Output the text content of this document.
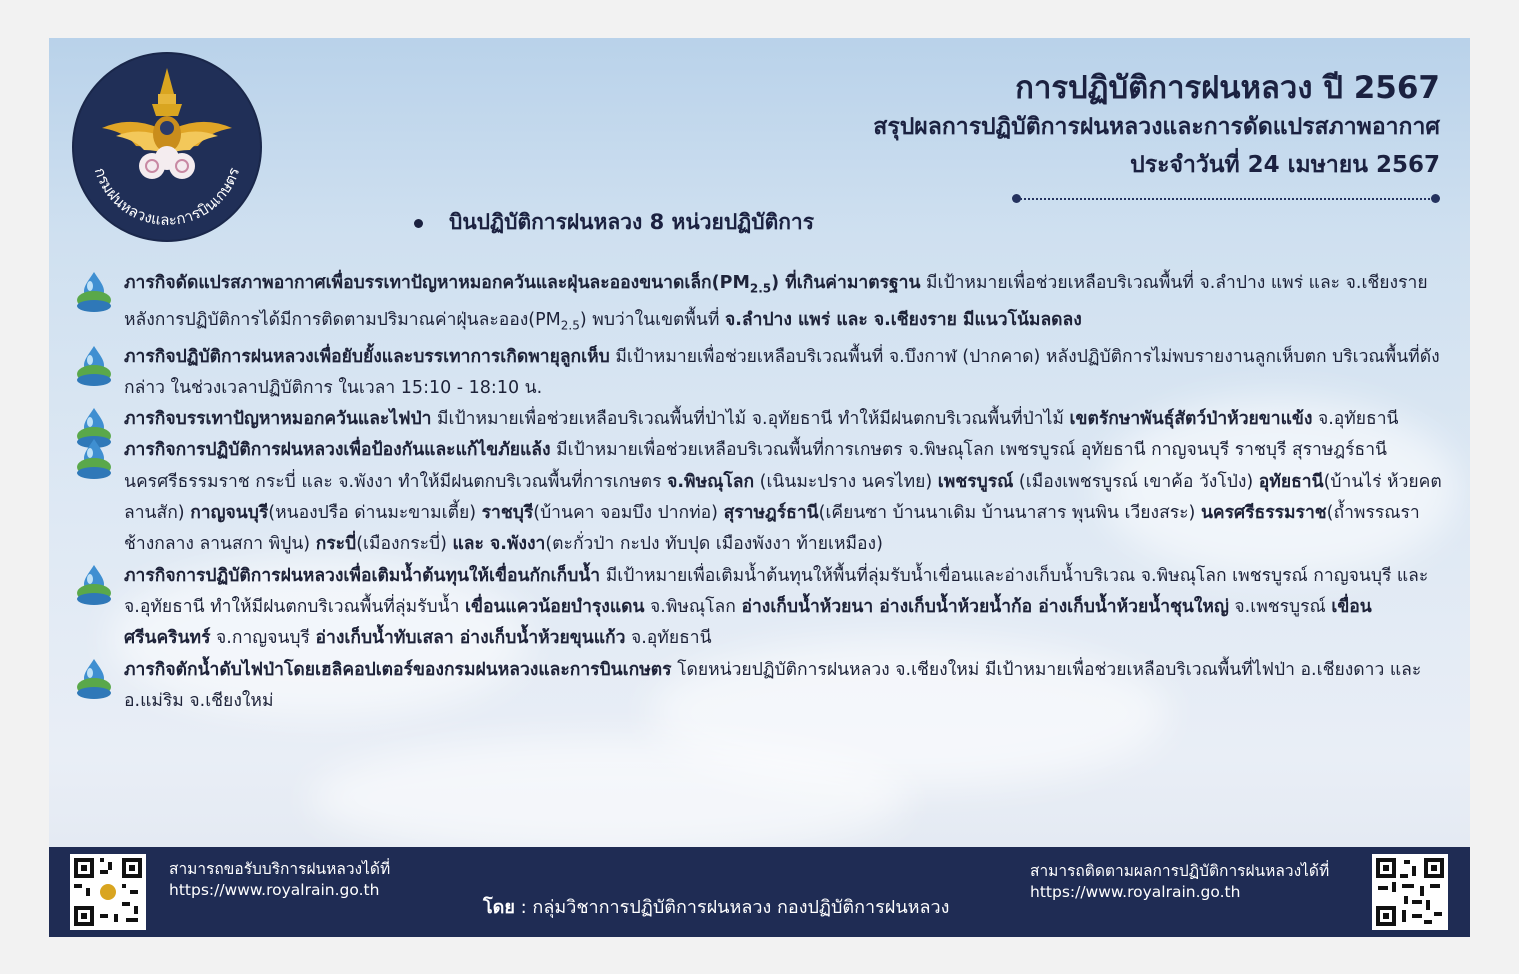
กรมฝนหลวงและการบินเกษตร
การปฏิบัติการฝนหลวง ปี 2567
สรุปผลการปฏิบัติการฝนหลวงและการดัดแปรสภาพอากาศ
ประจำวันที่ 24 เมษายน 2567
บินปฏิบัติการฝนหลวง 8 หน่วยปฏิบัติการ
ภารกิจดัดแปรสภาพอากาศเพื่อบรรเทาปัญหาหมอกควันและฝุ่นละอองขนาดเล็ก$(PM_{2.5})$ ที่เกินค่ามาตรฐาน มีเป้าหมายเพื่อช่วยเหลือบริเวณพื้นที่ จ.ลำปาง แพร่ และ จ.เชียงราย หลังการปฏิบัติการได้มีการติดตามปริมาณค่าฝุ่นละออง$(PM_{2.5})$ พบว่าในเขตพื้นที่ จ.ลำปาง แพร่ และ จ.เชียงราย มีแนวโน้มลดลง
ภารกิจปฏิบัติการฝนหลวงเพื่อยับยั้งและบรรเทาการเกิดพายุลูกเห็บ มีเป้าหมายเพื่อช่วยเหลือบริเวณพื้นที่ จ.บึงกาฬ (ปากคาด) หลังปฏิบัติการไม่พบรายงานลูกเห็บตก บริเวณพื้นที่ดังกล่าว ในช่วงเวลาปฏิบัติการ ในเวลา 15:10 - 18:10 น.
ภารกิจบรรเทาปัญหาหมอกควันและไฟป่า มีเป้าหมายเพื่อช่วยเหลือบริเวณพื้นที่ป่าไม้ จ.อุทัยธานี ทำให้มีฝนตกบริเวณพื้นที่ป่าไม้ เขตรักษาพันธุ์สัตว์ป่าห้วยขาแข้ง จ.อุทัยธานี
ภารกิจการปฏิบัติการฝนหลวงเพื่อป้องกันและแก้ไขภัยแล้ง มีเป้าหมายเพื่อช่วยเหลือบริเวณพื้นที่การเกษตร จ.พิษณุโลก เพชรบูรณ์ อุทัยธานี กาญจนบุรี ราชบุรี สุราษฎร์ธานี นครศรีธรรมราช กระบี่ และ จ.พังงา ทำให้มีฝนตกบริเวณพื้นที่การเกษตร จ.พิษณุโลก (เนินมะปราง นครไทย) เพชรบูรณ์ (เมืองเพชรบูรณ์ เขาค้อ วังโป่ง) อุทัยธานี(บ้านไร่ ห้วยคต ลานสัก) กาญจนบุรี(หนองปรือ ด่านมะขามเตี้ย) ราชบุรี(บ้านคา จอมบึง ปากท่อ) สุราษฎร์ธานี(เคียนซา บ้านนาเดิม บ้านนาสาร พุนพิน เวียงสระ) นครศรีธรรมราช(ถ้ำพรรณรา ช้างกลาง ลานสกา พิปูน) กระบี่(เมืองกระบี่) และ จ.พังงา(ตะกั่วป่า กะปง ทับปุด เมืองพังงา ท้ายเหมือง)
ภารกิจการปฏิบัติการฝนหลวงเพื่อเติมน้ำต้นทุนให้เขื่อนกักเก็บน้ำ มีเป้าหมายเพื่อเติมน้ำต้นทุนให้พื้นที่ลุ่มรับน้ำเขื่อนและอ่างเก็บน้ำบริเวณ จ.พิษณุโลก เพชรบูรณ์ กาญจนบุรี และ จ.อุทัยธานี ทำให้มีฝนตกบริเวณพื้นที่ลุ่มรับน้ำ เขื่อนแควน้อยบำรุงแดน จ.พิษณุโลก อ่างเก็บน้ำห้วยนา อ่างเก็บน้ำห้วยน้ำก้อ อ่างเก็บน้ำห้วยน้ำชุนใหญ่ จ.เพชรบูรณ์ เขื่อนศรีนครินทร์ จ.กาญจนบุรี อ่างเก็บน้ำทับเสลา อ่างเก็บน้ำห้วยขุนแก้ว จ.อุทัยธานี
ภารกิจตักน้ำดับไฟป่าโดยเฮลิคอปเตอร์ของกรมฝนหลวงและการบินเกษตร โดยหน่วยปฏิบัติการฝนหลวง จ.เชียงใหม่ มีเป้าหมายเพื่อช่วยเหลือบริเวณพื้นที่ไฟป่า อ.เชียงดาว และ อ.แม่ริม จ.เชียงใหม่
สามารถขอรับบริการฝนหลวงได้ที่
https://www.royalrain.go.th
โดย : กลุ่มวิชาการปฏิบัติการฝนหลวง กองปฏิบัติการฝนหลวง
สามารถติดตามผลการปฏิบัติการฝนหลวงได้ที่
https://www.royalrain.go.th
